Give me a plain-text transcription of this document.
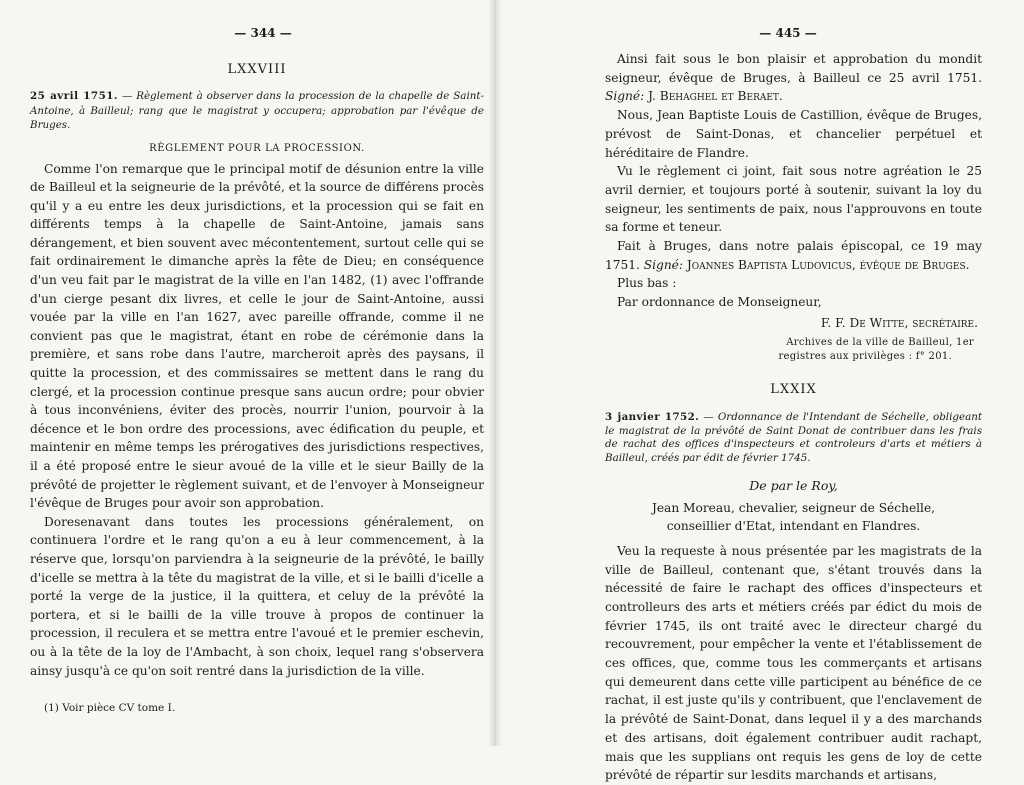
— 344 —

LXXVIII

25 avril 1751. — Règlement à observer dans la procession de la chapelle de Saint-Antoine, à Bailleul; rang que le magistrat y occupera; approbation par l'évêque de Bruges.

RÈGLEMENT POUR LA PROCESSION.

Comme l'on remarque que le principal motif de désunion entre la ville de Bailleul et la seigneurie de la prévôté, et la source de différens procès qu'il y a eu entre les deux jurisdictions, et la procession qui se fait en différents temps à la chapelle de Saint-Antoine, jamais sans dérangement, et bien souvent avec mécontentement, surtout celle qui se fait ordinairement le dimanche après la fête de Dieu; en conséquence d'un veu fait par le magistrat de la ville en l'an 1482, (1) avec l'offrande d'un cierge pesant dix livres, et celle le jour de Saint-Antoine, aussi vouée par la ville en l'an 1627, avec pareille offrande, comme il ne convient pas que le magistrat, étant en robe de cérémonie dans la première, et sans robe dans l'autre, marcheroit après des paysans, il quitte la procession, et des commissaires se mettent dans le rang du clergé, et la procession continue presque sans aucun ordre; pour obvier à tous inconvéniens, éviter des procès, nourrir l'union, pourvoir à la décence et le bon ordre des processions, avec édification du peuple, et maintenir en même temps les prérogatives des jurisdictions respectives, il a été proposé entre le sieur avoué de la ville et le sieur Bailly de la prévôté de projetter le règlement suivant, et de l'envoyer à Monseigneur l'évêque de Bruges pour avoir son approbation.

Doresenavant dans toutes les processions généralement, on continuera l'ordre et le rang qu'on a eu à leur commencement, à la réserve que, lorsqu'on parviendra à la seigneurie de la prévôté, le bailly d'icelle se mettra à la tête du magistrat de la ville, et si le bailli d'icelle a porté la verge de la justice, il la quittera, et celuy de la prévôté la portera, et si le bailli de la ville trouve à propos de continuer la procession, il reculera et se mettra entre l'avoué et le premier eschevin, ou à la tête de la loy de l'Ambacht, à son choix, lequel rang s'observera ainsy jusqu'à ce qu'on soit rentré dans la jurisdiction de la ville.

(1) Voir pièce CV tome I.

— 445 —

Ainsi fait sous le bon plaisir et approbation du mondit seigneur, évêque de Bruges, à Bailleul ce 25 avril 1751. Signé: J. Behaghel et Beraet.

Nous, Jean Baptiste Louis de Castillion, évêque de Bruges, prévost de Saint-Donas, et chancelier perpétuel et héréditaire de Flandre.

Vu le règlement ci joint, fait sous notre agréation le 25 avril dernier, et toujours porté à soutenir, suivant la loy du seigneur, les sentiments de paix, nous l'approuvons en toute sa forme et teneur.

Fait à Bruges, dans notre palais épiscopal, ce 19 may 1751. Signé: Joannes Baptista Ludovicus, évêque de Bruges.

Plus bas :

Par ordonnance de Monseigneur,

F. F. De Witte, secrétaire.

Archives de la ville de Bailleul, 1er
registres aux privilèges : f° 201.

LXXIX

3 janvier 1752. — Ordonnance de l'Intendant de Séchelle, obligeant le magistrat de la prévôté de Saint Donat de contribuer dans les frais de rachat des offices d'inspecteurs et controleurs d'arts et métiers à Bailleul, créés par édit de février 1745.

De par le Roy,

Jean Moreau, chevalier, seigneur de Séchelle,
conseillier d'Etat, intendant en Flandres.

Veu la requeste à nous présentée par les magistrats de la ville de Bailleul, contenant que, s'étant trouvés dans la nécessité de faire le rachapt des offices d'inspecteurs et controlleurs des arts et métiers créés par édict du mois de février 1745, ils ont traité avec le directeur chargé du recouvrement, pour empêcher la vente et l'établissement de ces offices, que, comme tous les commerçants et artisans qui demeurent dans cette ville participent au bénéfice de ce rachat, il est juste qu'ils y contribuent, que l'enclavement de la prévôté de Saint-Donat, dans lequel il y a des marchands et des artisans, doit également contribuer audit rachapt, mais que les supplians ont requis les gens de loy de cette prévôté de répartir sur lesdits marchands et artisans,
